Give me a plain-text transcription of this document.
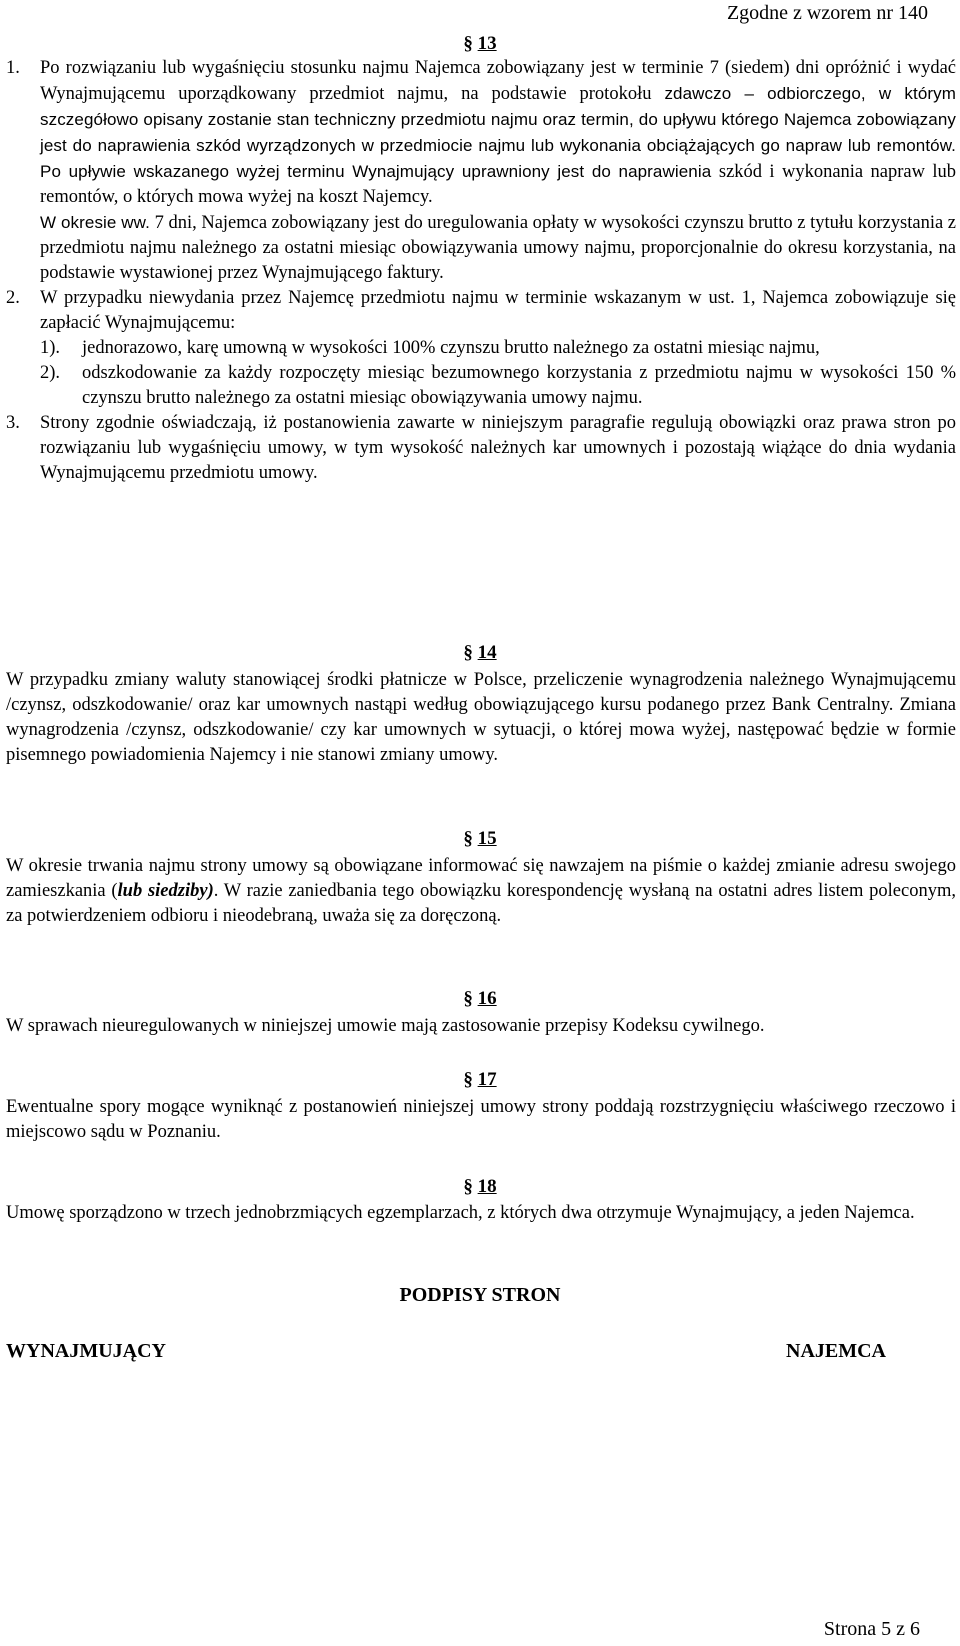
Zgodne z wzorem nr 140
§ 13
1. Po rozwiązaniu lub wygaśnięciu stosunku najmu Najemca zobowiązany jest w terminie 7 (siedem) dni opróżnić i wydać Wynajmującemu uporządkowany przedmiot najmu, na podstawie protokołu zdawczo – odbiorczego, w którym szczegółowo opisany zostanie stan techniczny przedmiotu najmu oraz termin, do upływu którego Najemca zobowiązany jest do naprawienia szkód wyrządzonych w przedmiocie najmu lub wykonania obciążających go napraw lub remontów. Po upływie wskazanego wyżej terminu Wynajmujący uprawniony jest do naprawienia szkód i wykonania napraw lub remontów, o których mowa wyżej na koszt Najemcy.
W okresie ww. 7 dni, Najemca zobowiązany jest do uregulowania opłaty w wysokości czynszu brutto z tytułu korzystania z przedmiotu najmu należnego za ostatni miesiąc obowiązywania umowy najmu, proporcjonalnie do okresu korzystania, na podstawie wystawionej przez Wynajmującego faktury.
2. W przypadku niewydania przez Najemcę przedmiotu najmu w terminie wskazanym w ust. 1, Najemca zobowiązuje się zapłacić Wynajmującemu:
1). jednorazowo, karę umowną w wysokości 100% czynszu brutto należnego za ostatni miesiąc najmu,
2). odszkodowanie za każdy rozpoczęty miesiąc bezumownego korzystania z przedmiotu najmu w wysokości 150 % czynszu brutto należnego za ostatni miesiąc obowiązywania umowy najmu.
3. Strony zgodnie oświadczają, iż postanowienia zawarte w niniejszym paragrafie regulują obowiązki oraz prawa stron po rozwiązaniu lub wygaśnięciu umowy, w tym wysokość należnych kar umownych i pozostają wiążące do dnia wydania Wynajmującemu przedmiotu umowy.
§ 14
W przypadku zmiany waluty stanowiącej środki płatnicze w Polsce, przeliczenie wynagrodzenia należnego Wynajmującemu /czynsz, odszkodowanie/ oraz kar umownych nastąpi według obowiązującego kursu podanego przez Bank Centralny. Zmiana wynagrodzenia /czynsz, odszkodowanie/ czy kar umownych w sytuacji, o której mowa wyżej, następować będzie w formie pisemnego powiadomienia Najemcy i nie stanowi zmiany umowy.
§ 15
W okresie trwania najmu strony umowy są obowiązane informować się nawzajem na piśmie o każdej zmianie adresu swojego zamieszkania (lub siedziby). W razie zaniedbania tego obowiązku korespondencję wysłaną na ostatni adres listem poleconym, za potwierdzeniem odbioru i nieodebraną, uważa się za doręczoną.
§ 16
W sprawach nieuregulowanych w niniejszej umowie mają zastosowanie przepisy Kodeksu cywilnego.
§ 17
Ewentualne spory mogące wyniknąć z postanowień niniejszej umowy strony poddają rozstrzygnięciu właściwego rzeczowo i miejscowo sądu w Poznaniu.
§ 18
Umowę sporządzono w trzech jednobrzmiących egzemplarzach, z których dwa otrzymuje Wynajmujący, a jeden Najemca.
PODPISY STRON
WYNAJMUJĄCY	NAJEMCA
Strona 5 z 6
